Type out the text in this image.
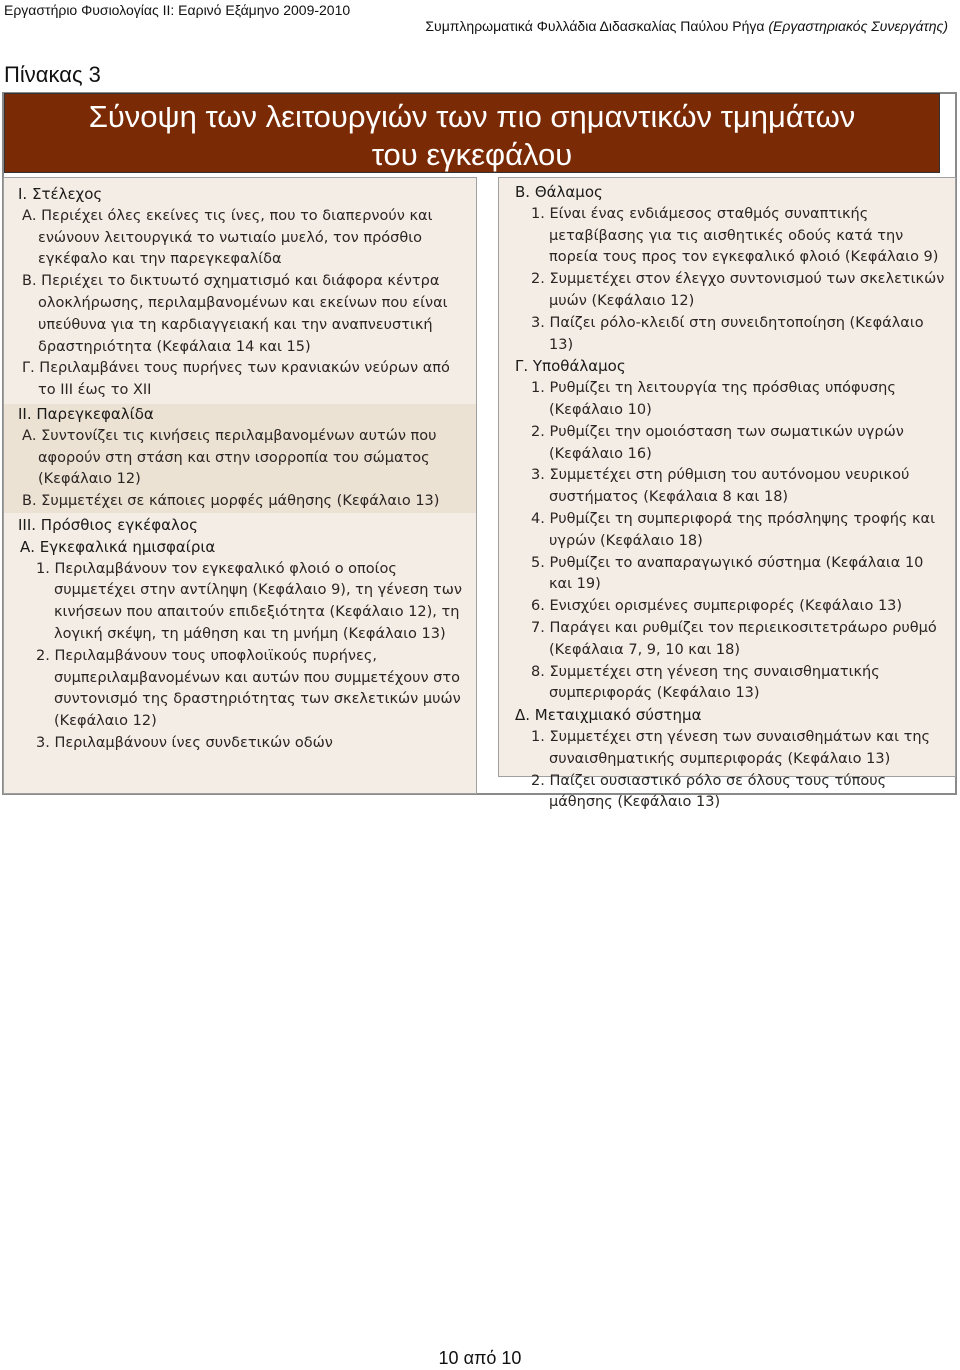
Εργαστήριο Φυσιολογίας ΙΙ: Εαρινό Εξάμηνο 2009-2010
Συμπληρωματικά Φυλλάδια Διδασκαλίας Παύλου Ρήγα (Εργαστηριακός Συνεργάτης)
Πίνακας 3
Σύνοψη των λειτουργιών των πιο σημαντικών τμημάτων
του εγκεφάλου
I. Στέλεχος
Α. Περιέχει όλες εκείνες τις ίνες, που το διαπερνούν και ενώνουν λειτουργικά το νωτιαίο μυελό, τον πρόσθιο εγκέφαλο και την παρεγκεφαλίδα
Β. Περιέχει το δικτυωτό σχηματισμό και διάφορα κέντρα ολοκλήρωσης, περιλαμβανομένων και εκείνων που είναι υπεύθυνα για τη καρδιαγγειακή και την αναπνευστική δραστηριότητα (Κεφάλαια 14 και 15)
Γ. Περιλαμβάνει τους πυρήνες των κρανιακών νεύρων από το III έως το XII
II. Παρεγκεφαλίδα
Α. Συντονίζει τις κινήσεις περιλαμβανομένων αυτών που αφορούν στη στάση και στην ισορροπία του σώματος (Κεφάλαιο 12)
Β. Συμμετέχει σε κάποιες μορφές μάθησης (Κεφάλαιο 13)
III. Πρόσθιος εγκέφαλος
Α. Εγκεφαλικά ημισφαίρια
1. Περιλαμβάνουν τον εγκεφαλικό φλοιό ο οποίος συμμετέχει στην αντίληψη (Κεφάλαιο 9), τη γένεση των κινήσεων που απαιτούν επιδεξιότητα (Κεφάλαιο 12), τη λογική σκέψη, τη μάθηση και τη μνήμη (Κεφάλαιο 13)
2. Περιλαμβάνουν τους υποφλοιϊκούς πυρήνες, συμπεριλαμβανομένων και αυτών που συμμετέχουν στο συντονισμό της δραστηριότητας των σκελετικών μυών (Κεφάλαιο 12)
3. Περιλαμβάνουν ίνες συνδετικών οδών
Β. Θάλαμος
1. Είναι ένας ενδιάμεσος σταθμός συναπτικής μεταβίβασης για τις αισθητικές οδούς κατά την πορεία τους προς τον εγκεφαλικό φλοιό (Κεφάλαιο 9)
2. Συμμετέχει στον έλεγχο συντονισμού των σκελετικών μυών (Κεφάλαιο 12)
3. Παίζει ρόλο-κλειδί στη συνειδητοποίηση (Κεφάλαιο 13)
Γ. Υποθάλαμος
1. Ρυθμίζει τη λειτουργία της πρόσθιας υπόφυσης (Κεφάλαιο 10)
2. Ρυθμίζει την ομοιόσταση των σωματικών υγρών (Κεφάλαιο 16)
3. Συμμετέχει στη ρύθμιση του αυτόνομου νευρικού συστήματος (Κεφάλαια 8 και 18)
4. Ρυθμίζει τη συμπεριφορά της πρόσληψης τροφής και υγρών (Κεφάλαιο 18)
5. Ρυθμίζει το αναπαραγωγικό σύστημα (Κεφάλαια 10 και 19)
6. Ενισχύει ορισμένες συμπεριφορές (Κεφάλαιο 13)
7. Παράγει και ρυθμίζει τον περιεικοσιτετράωρο ρυθμό (Κεφάλαια 7, 9, 10 και 18)
8. Συμμετέχει στη γένεση της συναισθηματικής συμπεριφοράς (Κεφάλαιο 13)
Δ. Μεταιχμιακό σύστημα
1. Συμμετέχει στη γένεση των συναισθημάτων και της συναισθηματικής συμπεριφοράς (Κεφάλαιο 13)
2. Παίζει ουσιαστικό ρόλο σε όλους τους τύπους μάθησης (Κεφάλαιο 13)
10 από 10
